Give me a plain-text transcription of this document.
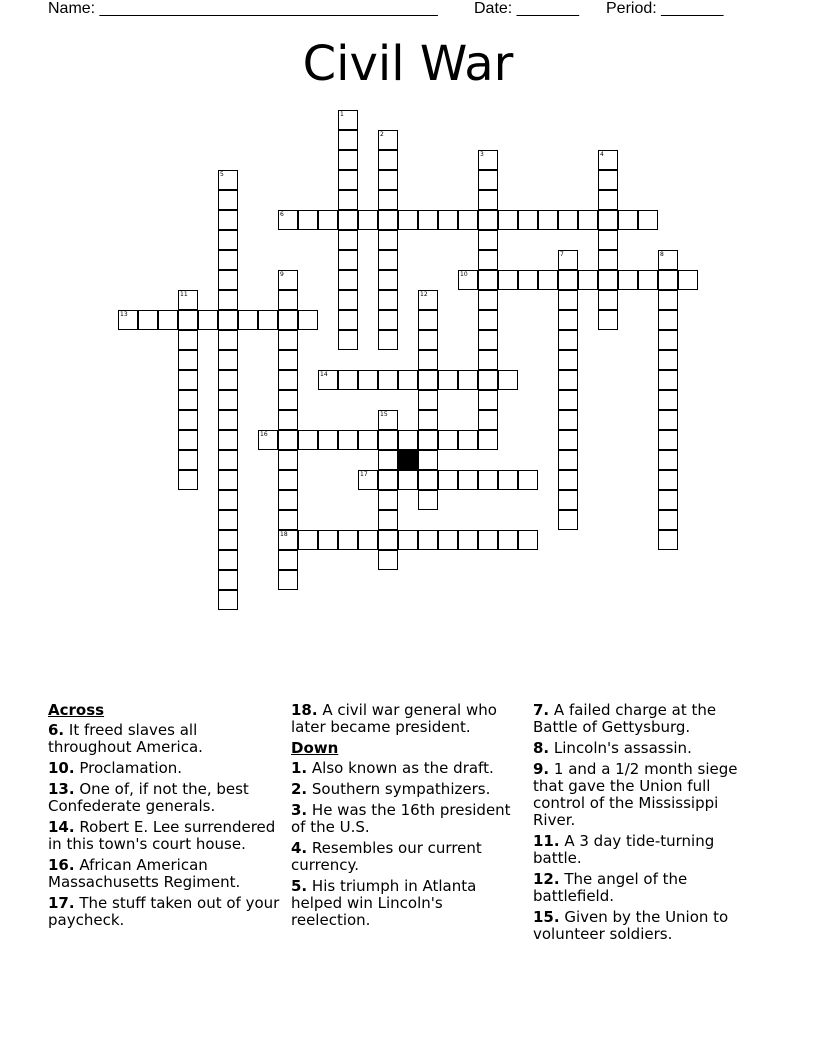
Name: ______________________________________ Date: _______ Period: _______
Civil War
1
2
3	4
5
6
7	8
9	10
11	12
13
14
15
16
17
18
Across
6. It freed slaves all throughout America.
10. Proclamation.
13. One of, if not the, best Confederate generals.
14. Robert E. Lee surrendered in this town's court house.
16. African American Massachusetts Regiment.
17. The stuff taken out of your paycheck.
18. A civil war general who later became president.
Down
1. Also known as the draft.
2. Southern sympathizers.
3. He was the 16th president of the U.S.
4. Resembles our current currency.
5. His triumph in Atlanta helped win Lincoln's reelection.
7. A failed charge at the Battle of Gettysburg.
8. Lincoln's assassin.
9. 1 and a 1/2 month siege that gave the Union full control of the Mississippi River.
11. A 3 day tide-turning battle.
12. The angel of the battlefield.
15. Given by the Union to volunteer soldiers.
